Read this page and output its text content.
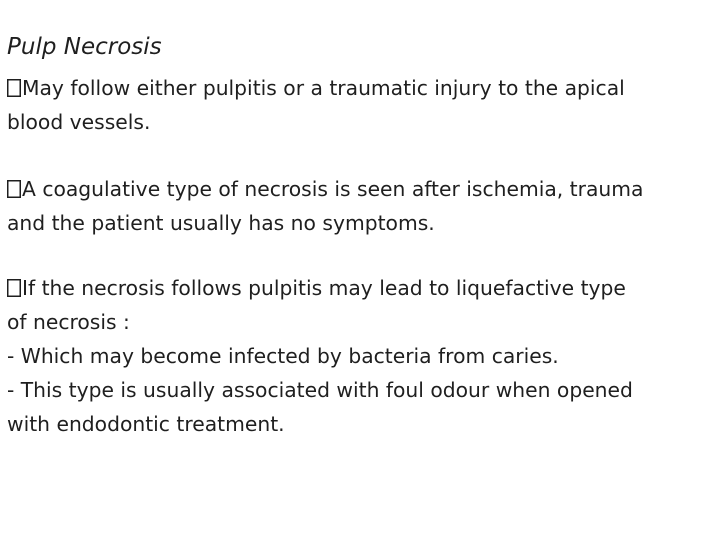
Pulp Necrosis
May follow either pulpitis or a traumatic injury to the apical
blood vessels.
A coagulative type of necrosis is seen after ischemia, trauma
and the patient usually has no symptoms.
If the necrosis follows pulpitis may lead to liquefactive type
of necrosis :
- Which may become infected by bacteria from caries.
- This type is usually associated with foul odour when opened
with endodontic treatment.
